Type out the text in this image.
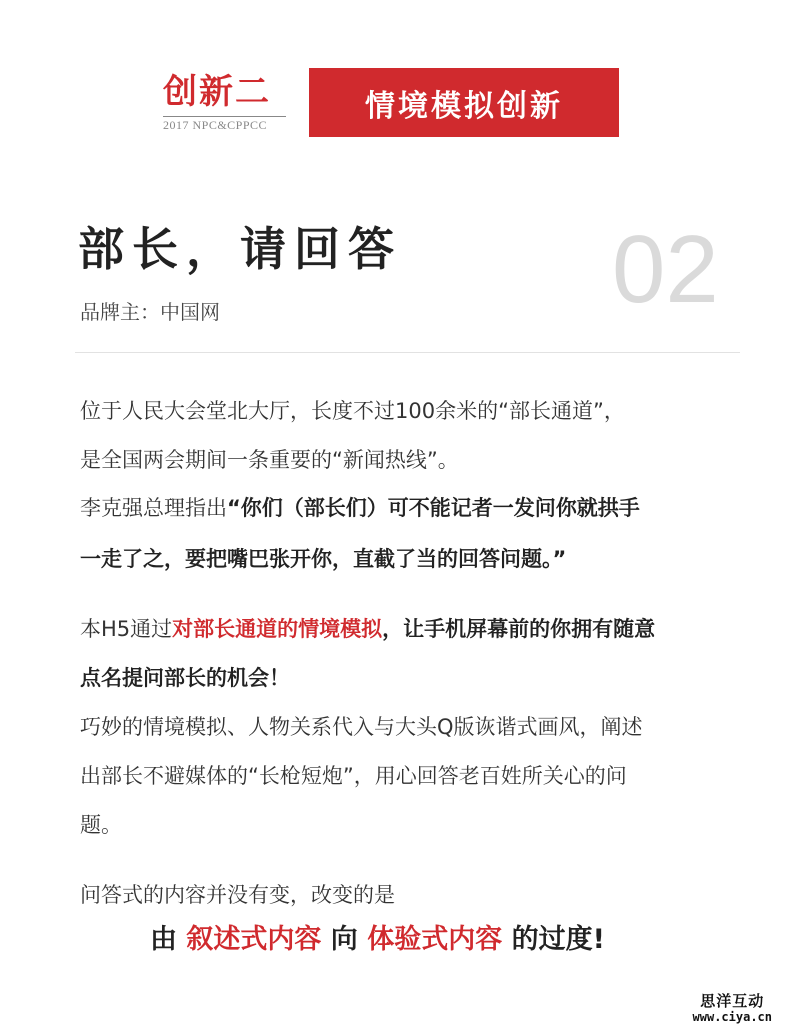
创新二
2017 NPC&CPPCC
情境模拟创新
部长，请回答 02
品牌主：中国网
位于人民大会堂北大厅，长度不过100余米的“部长通道”，
是全国两会期间一条重要的“新闻热线”。
李克强总理指出“你们（部长们）可不能记者一发问你就拱手
一走了之，要把嘴巴张开你，直截了当的回答问题。”
本H5通过对部长通道的情境模拟，让手机屏幕前的你拥有随意
点名提问部长的机会！
巧妙的情境模拟、人物关系代入与大头Q版诙谐式画风，阐述
出部长不避媒体的“长枪短炮”，用心回答老百姓所关心的问
题。
问答式的内容并没有变，改变的是
由 叙述式内容 向 体验式内容 的过度!
思洋互动
www.ciya.cn
